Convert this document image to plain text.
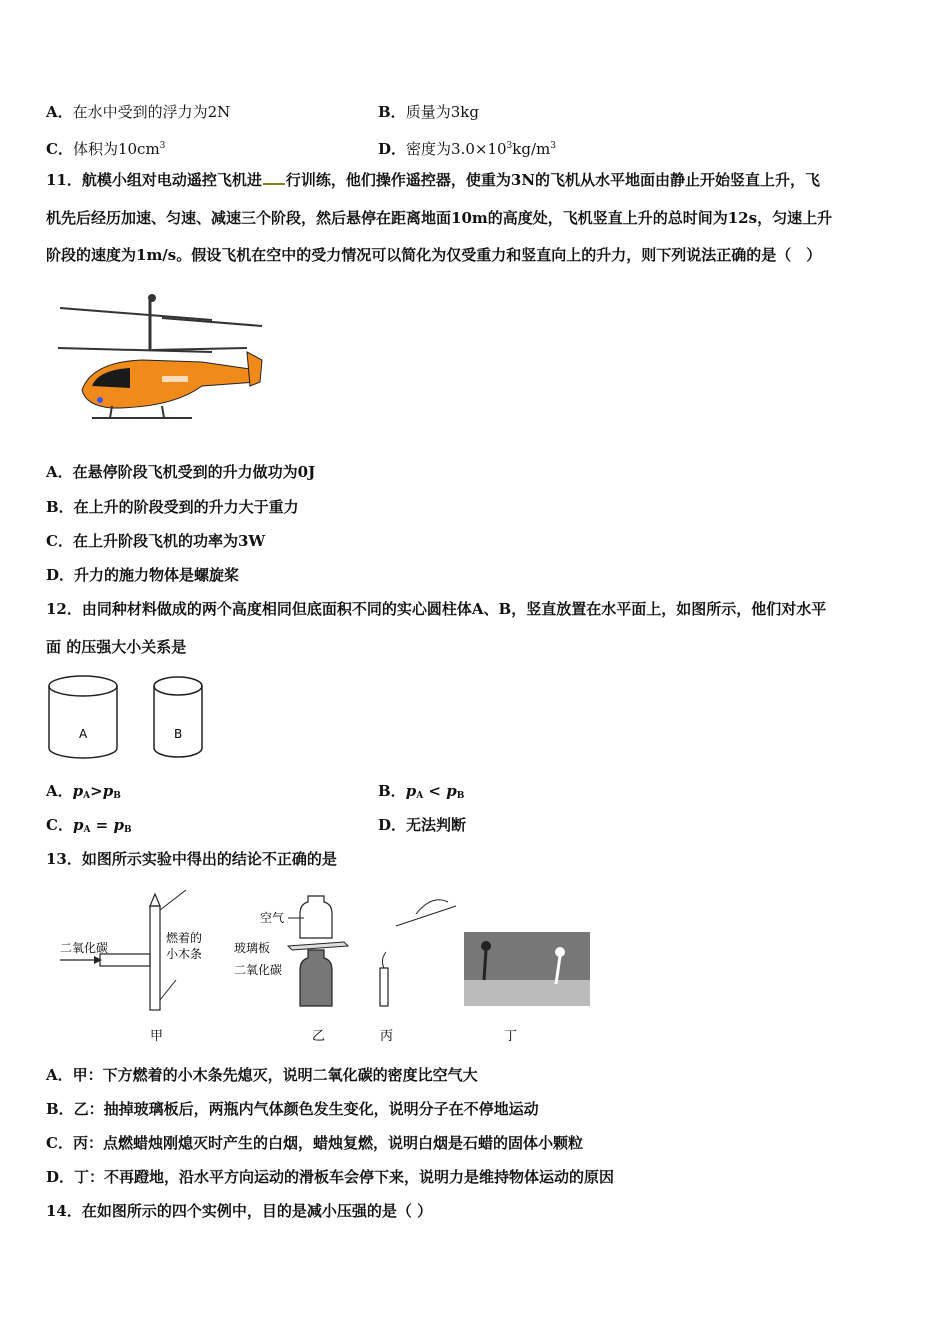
A．在水中受到的浮力为2N	B．质量为3kg
C．体积为$10cm^3$	D．密度为$3.0\times 10^3kg/m^3$
11．航模小组对电动遥控飞机进 行训练，他们操作遥控器，使重为3N的飞机从水平地面由静止开始竖直上升，飞
机先后经历加速、匀速、减速三个阶段，然后悬停在距离地面10m的高度处，飞机竖直上升的总时间为12s，匀速上升
阶段的速度为1m/s。假设飞机在空中的受力情况可以简化为仅受重力和竖直向上的升力，则下列说法正确的是（　）
A．在悬停阶段飞机受到的升力做功为0J
B．在上升的阶段受到的升力大于重力
C．在上升阶段飞机的功率为3W
D．升力的施力物体是螺旋桨
12．由同种材料做成的两个高度相同但底面积不同的实心圆柱体A、B，竖直放置在水平面上，如图所示，他们对水平
面 的压强大小关系是
A	B
A．$p_A>p_B$	B．$p_A < p_B$
C．$p_A = p_B$	D．无法判断
13．如图所示实验中得出的结论不正确的是
二氧化碳
燃着的
小木条
甲
空气
玻璃板
二氧化碳
乙	丙	丁
A．甲：下方燃着的小木条先熄灭，说明二氧化碳的密度比空气大
B．乙：抽掉玻璃板后，两瓶内气体颜色发生变化，说明分子在不停地运动
C．丙：点燃蜡烛刚熄灭时产生的白烟，蜡烛复燃，说明白烟是石蜡的固体小颗粒
D．丁：不再蹬地，沿水平方向运动的滑板车会停下来，说明力是维持物体运动的原因
14．在如图所示的四个实例中，目的是减小压强的是（ ）
